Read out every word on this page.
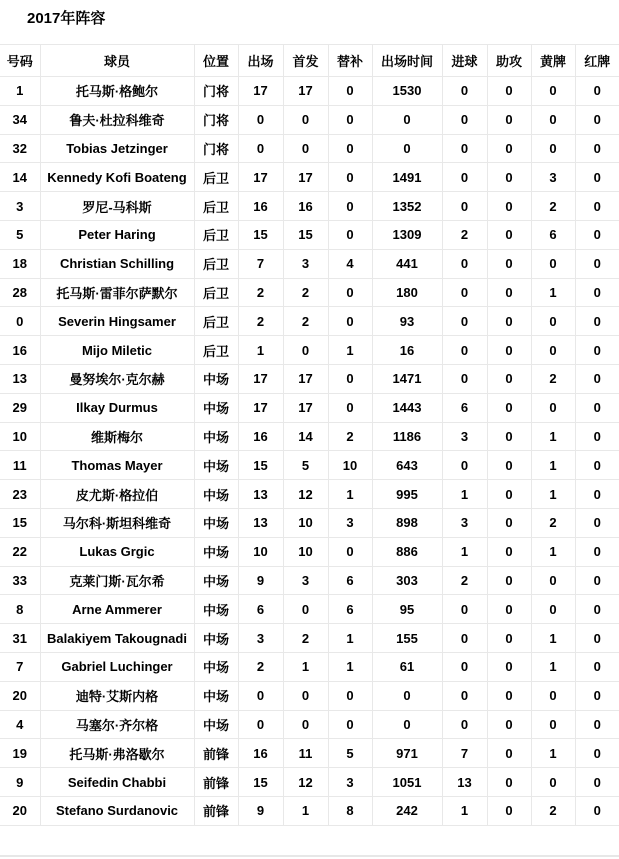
2017年阵容
号码	球员	位置	出场	首发	替补	出场时间	进球	助攻	黄牌	红牌
1	托马斯·格鲍尔	门将	17	17	0	1530	0	0	0	0
34	鲁夫·杜拉科维奇	门将	0	0	0	0	0	0	0	0
32	Tobias Jetzinger	门将	0	0	0	0	0	0	0	0
14	Kennedy Kofi Boateng	后卫	17	17	0	1491	0	0	3	0
3	罗尼-马科斯	后卫	16	16	0	1352	0	0	2	0
5	Peter Haring	后卫	15	15	0	1309	2	0	6	0
18	Christian Schilling	后卫	7	3	4	441	0	0	0	0
28	托马斯·雷菲尔萨默尔	后卫	2	2	0	180	0	0	1	0
0	Severin Hingsamer	后卫	2	2	0	93	0	0	0	0
16	Mijo Miletic	后卫	1	0	1	16	0	0	0	0
13	曼努埃尔·克尔赫	中场	17	17	0	1471	0	0	2	0
29	Ilkay Durmus	中场	17	17	0	1443	6	0	0	0
10	维斯梅尔	中场	16	14	2	1186	3	0	1	0
11	Thomas Mayer	中场	15	5	10	643	0	0	1	0
23	皮尤斯·格拉伯	中场	13	12	1	995	1	0	1	0
15	马尔科·斯坦科维奇	中场	13	10	3	898	3	0	2	0
22	Lukas Grgic	中场	10	10	0	886	1	0	1	0
33	克莱门斯·瓦尔希	中场	9	3	6	303	2	0	0	0
8	Arne Ammerer	中场	6	0	6	95	0	0	0	0
31	Balakiyem Takougnadi	中场	3	2	1	155	0	0	1	0
7	Gabriel Luchinger	中场	2	1	1	61	0	0	1	0
20	迪特·艾斯内格	中场	0	0	0	0	0	0	0	0
4	马塞尔·齐尔格	中场	0	0	0	0	0	0	0	0
19	托马斯·弗洛歇尔	前锋	16	11	5	971	7	0	1	0
9	Seifedin Chabbi	前锋	15	12	3	1051	13	0	0	0
20	Stefano Surdanovic	前锋	9	1	8	242	1	0	2	0
